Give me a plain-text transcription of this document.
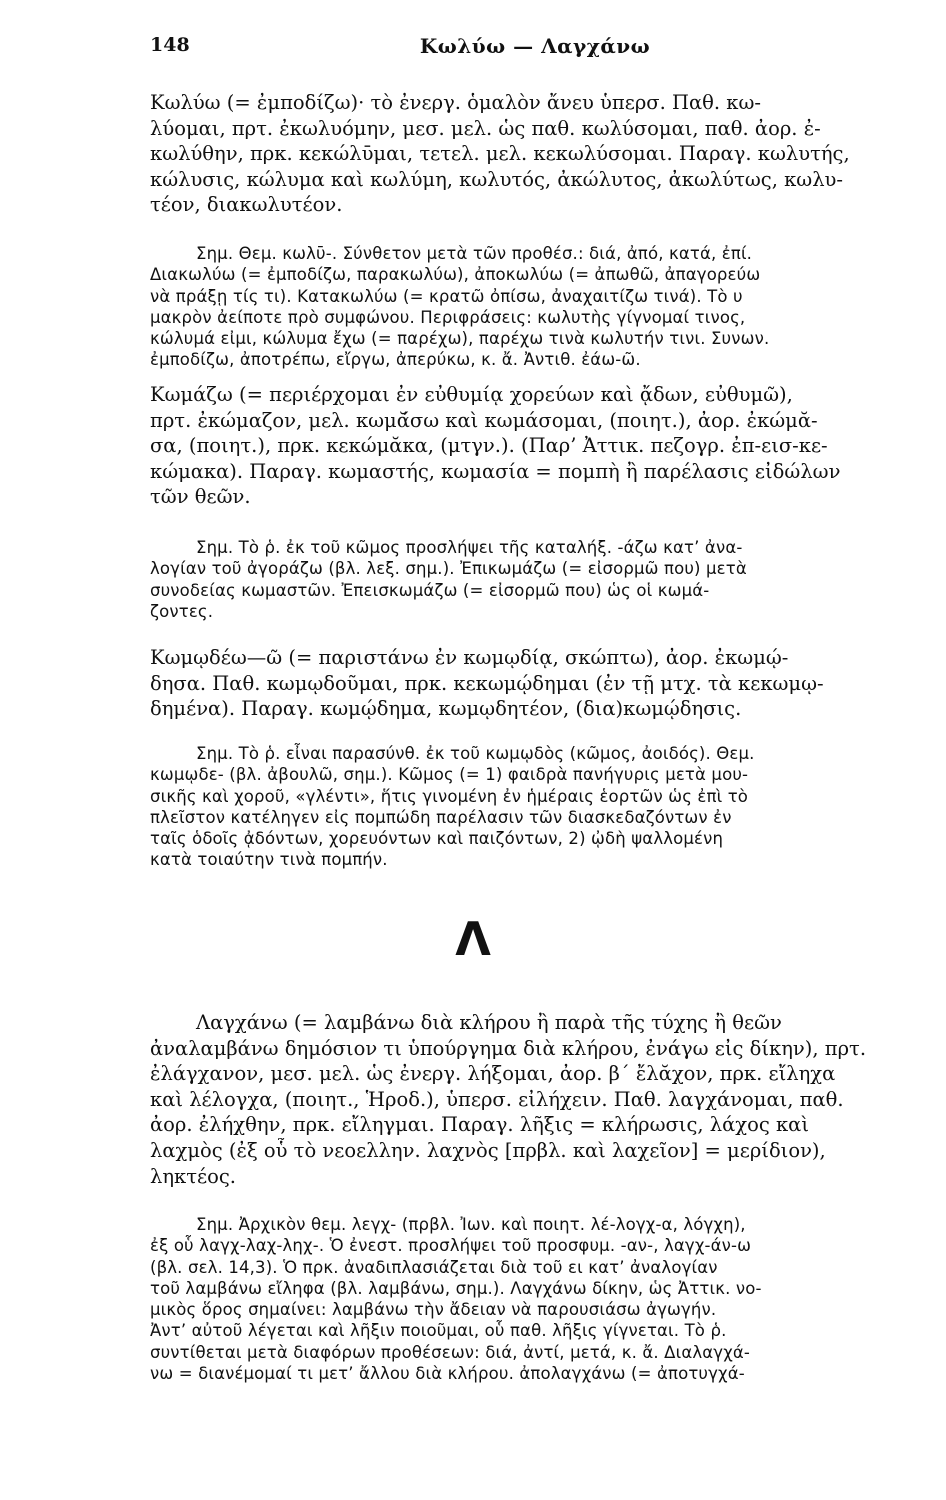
148	Κωλύω — Λαγχάνω
Κωλύω (= ἐμποδίζω)· τὸ ἐνεργ. ὁμαλὸν ἄνευ ὑπερσ. Παθ. κω-
λύομαι, πρτ. ἐκωλυόμην, μεσ. μελ. ὡς παθ. κωλύσομαι, παθ. ἀορ. ἐ-
κωλύθην, πρκ. κεκώλῡμαι, τετελ. μελ. κεκωλύσομαι. Παραγ. κωλυτής,
κώλυσις, κώλυμα καὶ κωλύμη, κωλυτός, ἀκώλυτος, ἀκωλύτως, κωλυ-
τέον, διακωλυτέον.
Σημ. Θεμ. κωλῡ-. Σύνθετον μετὰ τῶν προθέσ.: διά, ἀπό, κατά, ἐπί.
Διακωλύω (= ἐμποδίζω, παρακωλύω), ἀποκωλύω (= ἀπωθῶ, ἀπαγορεύω
νὰ πράξῃ τίς τι). Κατακωλύω (= κρατῶ ὀπίσω, ἀναχαιτίζω τινά). Τὸ υ
μακρὸν ἀείποτε πρὸ συμφώνου. Περιφράσεις: κωλυτὴς γίγνομαί τινος,
κώλυμά εἰμι, κώλυμα ἔχω (= παρέχω), παρέχω τινὰ κωλυτήν τινι. Συνων.
ἐμποδίζω, ἀποτρέπω, εἴργω, ἀπερύκω, κ. ἄ. Ἀντιθ. ἐάω-ῶ.
Κωμάζω (= περιέρχομαι ἐν εὐθυμίᾳ χορεύων καὶ ᾄδων, εὐθυμῶ),
πρτ. ἐκώμαζον, μελ. κωμᾰ́σω καὶ κωμάσομαι, (ποιητ.), ἀορ. ἐκώμᾰ-
σα, (ποιητ.), πρκ. κεκώμᾰκα, (μτγν.). (Παρ’ Ἀττικ. πεζογρ. ἐπ-εισ-κε-
κώμακα). Παραγ. κωμαστής, κωμασία = πομπὴ ἢ παρέλασις εἰδώλων
τῶν θεῶν.
Σημ. Τὸ ῥ. ἐκ τοῦ κῶμος προσλήψει τῆς καταλήξ. -άζω κατ’ ἀνα-
λογίαν τοῦ ἀγοράζω (βλ. λεξ. σημ.). Ἐπικωμάζω (= εἰσορμῶ που) μετὰ
συνοδείας κωμαστῶν. Ἐπεισκωμάζω (= εἰσορμῶ που) ὡς οἱ κωμά-
ζοντες.
Κωμῳδέω—ῶ (= παριστάνω ἐν κωμῳδίᾳ, σκώπτω), ἀορ. ἐκωμῴ-
δησα. Παθ. κωμῳδοῦμαι, πρκ. κεκωμῴδημαι (ἐν τῇ μτχ. τὰ κεκωμῳ-
δημένα). Παραγ. κωμῴδημα, κωμῳδητέον, (δια)κωμῴδησις.
Σημ. Τὸ ῥ. εἶναι παρασύνθ. ἐκ τοῦ κωμῳδὸς (κῶμος, ἀοιδός). Θεμ.
κωμῳδε- (βλ. ἀβουλῶ, σημ.). Κῶμος (= 1) φαιδρὰ πανήγυρις μετὰ μου-
σικῆς καὶ χοροῦ, «γλέντι», ἥτις γινομένη ἐν ἡμέραις ἑορτῶν ὡς ἐπὶ τὸ
πλεῖστον κατέληγεν εἰς πομπώδη παρέλασιν τῶν διασκεδαζόντων ἐν
ταῖς ὁδοῖς ᾀδόντων, χορευόντων καὶ παιζόντων, 2) ᾠδὴ ψαλλομένη
κατὰ τοιαύτην τινὰ πομπήν.
Λ
Λαγχάνω (= λαμβάνω διὰ κλήρου ἢ παρὰ τῆς τύχης ἢ θεῶν
ἀναλαμβάνω δημόσιον τι ὑπούργημα διὰ κλήρου, ἐνάγω εἰς δίκην), πρτ.
ἐλάγχανον, μεσ. μελ. ὡς ἐνεργ. λήξομαι, ἀορ. β΄ ἔλᾰχον, πρκ. εἴληχα
καὶ λέλογχα, (ποιητ., Ἡροδ.), ὑπερσ. εἰλήχειν. Παθ. λαγχάνομαι, παθ.
ἀορ. ἐλήχθην, πρκ. εἴληγμαι. Παραγ. λῆξις = κλήρωσις, λάχος καὶ
λαχμὸς (ἐξ οὗ τὸ νεοελλην. λαχνὸς [πρβλ. καὶ λαχεῖον] = μερίδιον),
ληκτέος.
Σημ. Ἀρχικὸν θεμ. λεγχ- (πρβλ. Ἰων. καὶ ποιητ. λέ-λογχ-α, λόγχη),
ἐξ οὗ λαγχ-λαχ-ληχ-. Ὁ ἐνεστ. προσλήψει τοῦ προσφυμ. -αν-, λαγχ-άν-ω
(βλ. σελ. 14,3). Ὁ πρκ. ἀναδιπλασιάζεται διὰ τοῦ ει κατ’ ἀναλογίαν
τοῦ λαμβάνω εἴληφα (βλ. λαμβάνω, σημ.). Λαγχάνω δίκην, ὡς Ἀττικ. νο-
μικὸς ὅρος σημαίνει: λαμβάνω τὴν ἄδειαν νὰ παρουσιάσω ἀγωγήν.
Ἀντ’ αὐτοῦ λέγεται καὶ λῆξιν ποιοῦμαι, οὗ παθ. λῆξις γίγνεται. Τὸ ῥ.
συντίθεται μετὰ διαφόρων προθέσεων: διά, ἀντί, μετά, κ. ἄ. Διαλαγχά-
νω = διανέμομαί τι μετ’ ἄλλου διὰ κλήρου. ἀπολαγχάνω (= ἀποτυγχά-
